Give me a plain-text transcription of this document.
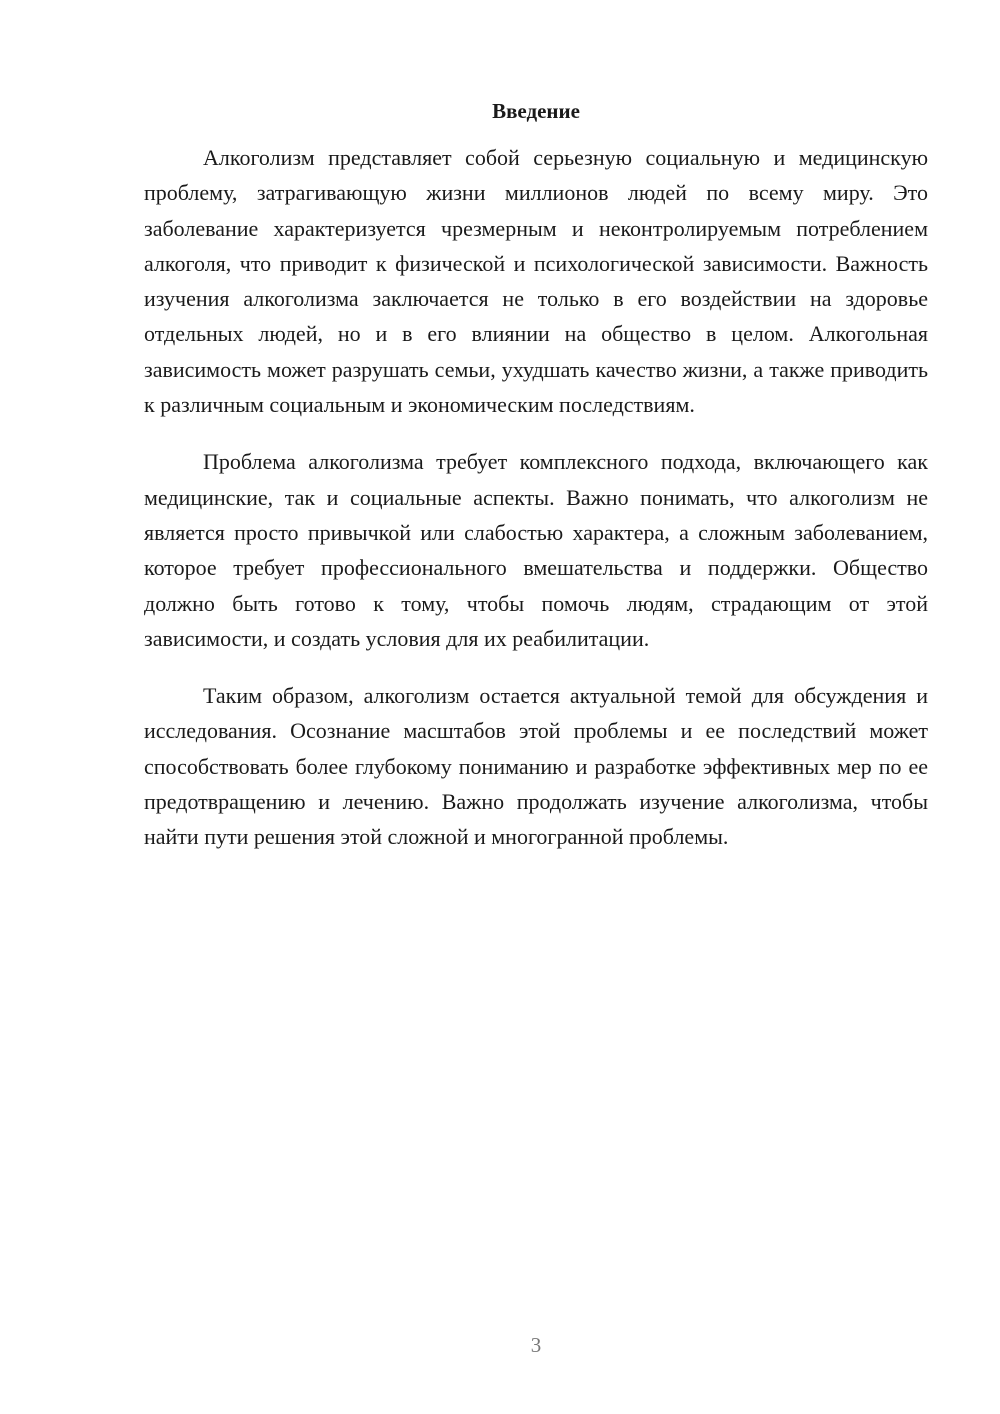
Введение

Алкоголизм представляет собой серьезную социальную и медицинскую проблему, затрагивающую жизни миллионов людей по всему миру. Это заболевание характеризуется чрезмерным и неконтролируемым потреблением алкоголя, что приводит к физической и психологической зависимости. Важность изучения алкоголизма заключается не только в его воздействии на здоровье отдельных людей, но и в его влиянии на общество в целом. Алкогольная зависимость может разрушать семьи, ухудшать качество жизни, а также приводить к различным социальным и экономическим последствиям.

Проблема алкоголизма требует комплексного подхода, включающего как медицинские, так и социальные аспекты. Важно понимать, что алкоголизм не является просто привычкой или слабостью характера, а сложным заболеванием, которое требует профессионального вмешательства и поддержки. Общество должно быть готово к тому, чтобы помочь людям, страдающим от этой зависимости, и создать условия для их реабилитации.

Таким образом, алкоголизм остается актуальной темой для обсуждения и исследования. Осознание масштабов этой проблемы и ее последствий может способствовать более глубокому пониманию и разработке эффективных мер по ее предотвращению и лечению. Важно продолжать изучение алкоголизма, чтобы найти пути решения этой сложной и многогранной проблемы.

3
